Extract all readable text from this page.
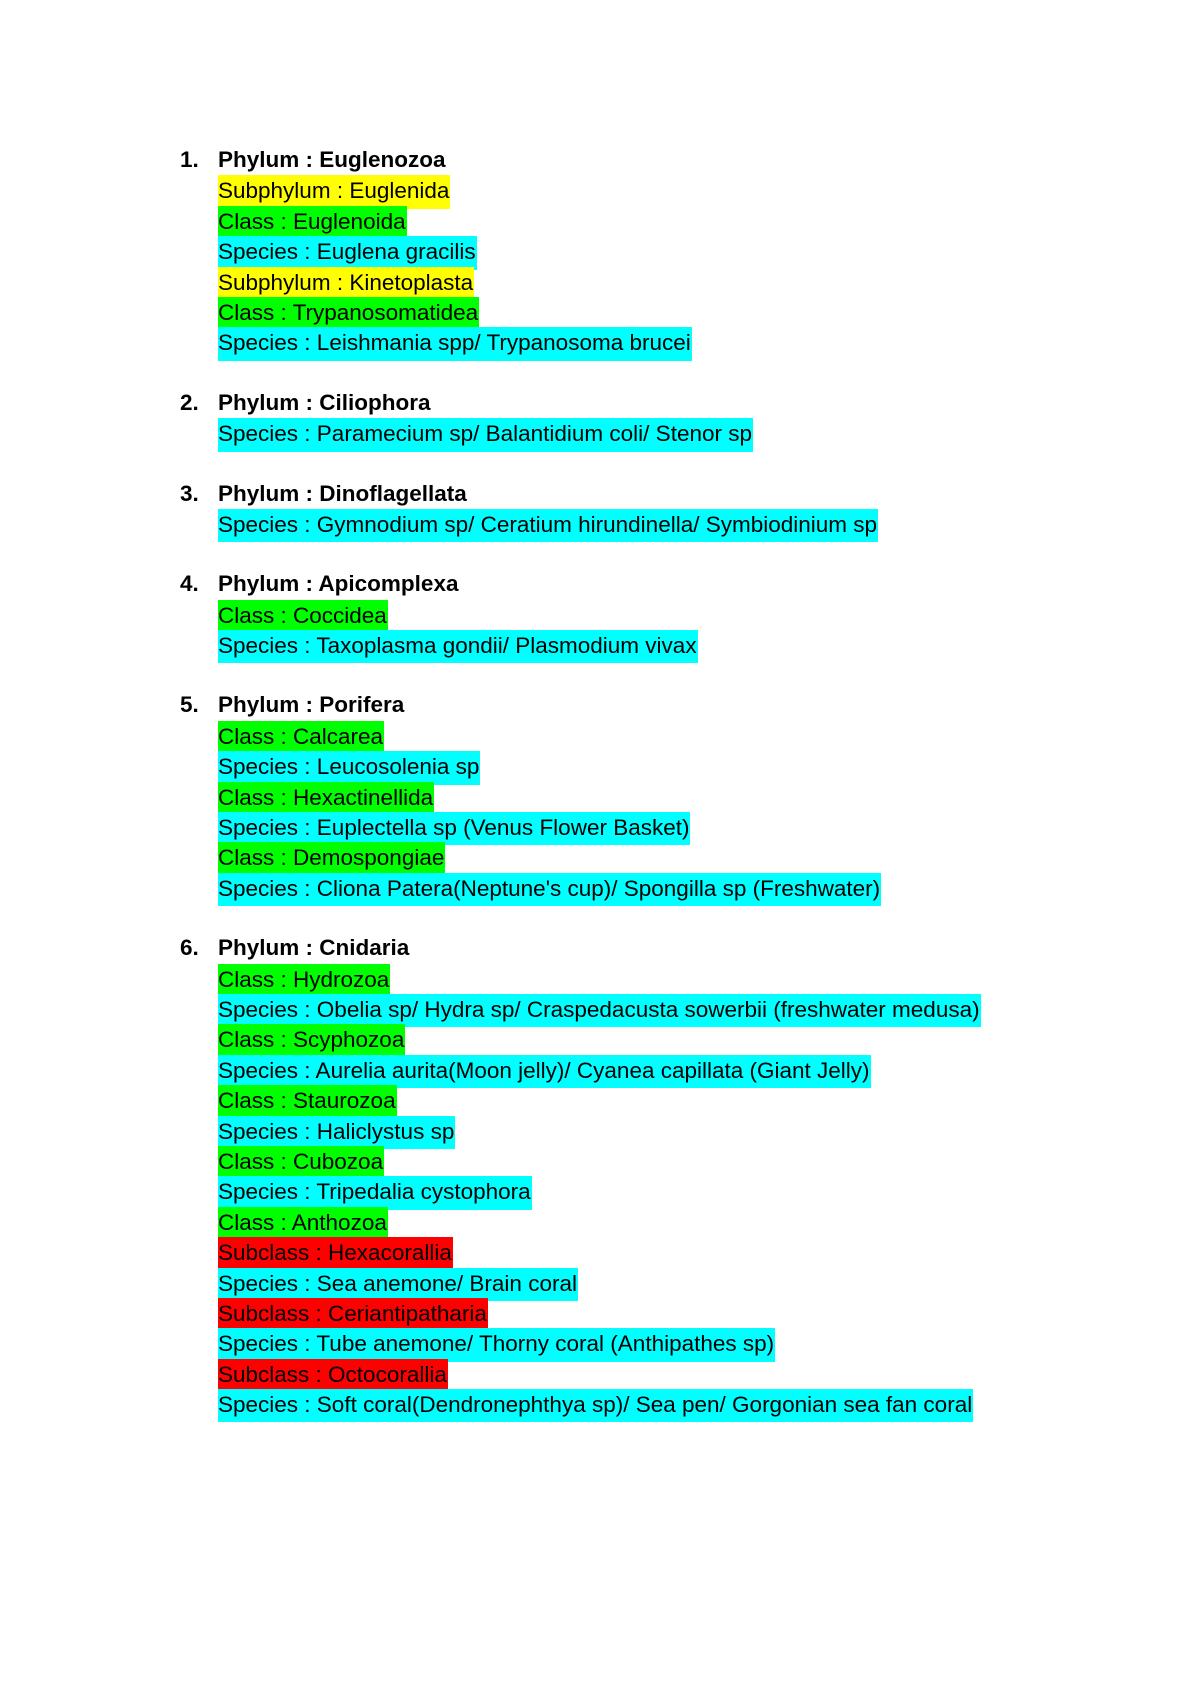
1. Phylum : Euglenozoa
Subphylum : Euglenida
Class : Euglenoida
Species : Euglena gracilis
Subphylum : Kinetoplasta
Class : Trypanosomatidea
Species : Leishmania spp/ Trypanosoma brucei
2. Phylum : Ciliophora
Species : Paramecium sp/ Balantidium coli/ Stenor sp
3. Phylum : Dinoflagellata
Species : Gymnodium sp/ Ceratium hirundinella/ Symbiodinium sp
4. Phylum : Apicomplexa
Class : Coccidea
Species : Taxoplasma gondii/ Plasmodium vivax
5. Phylum : Porifera
Class : Calcarea
Species : Leucosolenia sp
Class : Hexactinellida
Species : Euplectella sp (Venus Flower Basket)
Class : Demospongiae
Species : Cliona Patera(Neptune's cup)/ Spongilla sp (Freshwater)
6. Phylum : Cnidaria
Class : Hydrozoa
Species : Obelia sp/ Hydra sp/ Craspedacusta sowerbii (freshwater medusa)
Class : Scyphozoa
Species : Aurelia aurita(Moon jelly)/ Cyanea capillata (Giant Jelly)
Class : Staurozoa
Species : Haliclystus sp
Class : Cubozoa
Species : Tripedalia cystophora
Class : Anthozoa
Subclass : Hexacorallia
Species : Sea anemone/ Brain coral
Subclass : Ceriantipatharia
Species : Tube anemone/ Thorny coral (Anthipathes sp)
Subclass : Octocorallia
Species : Soft coral(Dendronephthya sp)/ Sea pen/ Gorgonian sea fan coral
